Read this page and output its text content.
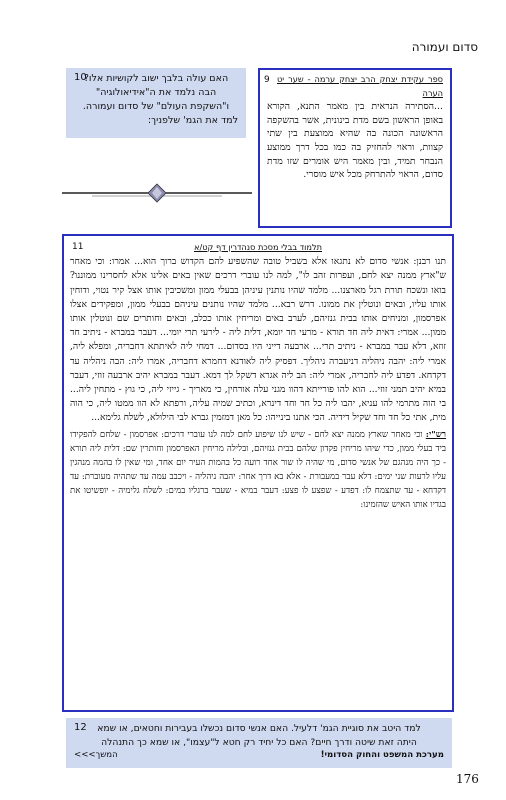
סדום ועמורה
10
האם עולה בלבך ישוב לקושיות אלו?
הבה נלמד את ה"אידיאולוגיה"
ו"השקפת העולם" של סדום ועמורה.
למד את הגמ' שלפניך:
9 ספר עקידת יצחק הרב יצחק ערמה - שער יט הערה
...הסתירה הנראית בין מאמר התנא, הקורא באופן הראשון בשם מדת בינונית, אשר בהשקפה הראשונה הכונה בה שהיא ממוצעת בין שתי קצוות, וראוי להחזיק בה כמו בכל דרך ממוצע הנבחר תמיד, ובין מאמר היש אומרים שזו מדת סדום, הראוי להתרחק מכל איש מוסרי.
11	תלמוד בבלי מסכת סנהדרין דף קט/א
תנו רבנן: אנשי סדום לא נתגאו אלא בשביל טובה שהשפיע להם הקדוש ברוך הוא... אמרו: וכי מאחר ש"ארץ ממנה יצא לחם, ועפרות זהב לו", למה לנו עוברי דרכים שאין באים אלינו אלא לחסרינו ממוננו? בואו ונשכח תורת רגל מארצנו... מלמד שהיו נותנין עיניהן בבעלי ממון ומשכיבין אותו אצל קיר נטוי, ודוחין אותו עליו, ובאים ונוטלין את ממונו. דרש רבא... מלמד שהיו נותנים עיניהם בבעלי ממון, ומפקידים אצלו אפרסמון, ומניחים אותו בבית גנזיהם, לערב באים ומריחין אותו ככלב, ובאים וחותרים שם ונוטלין אותו ממון... אמרי: דאית ליה חד תורא - מרעי חד יומא, דלית ליה - לירעי תרי יומי... דעבר במברא - ניתיב חד זוזא, דלא עבר במברא - ניתיב תרי... ארבעה דייני היו בסדום... דמחי ליה לאיתתא דחבריה, ומפלא ליה, אמרי ליה: יהבה ניהליה דניעברה ניהליך. דפסיק ליה לאודנא דחמרא דחבריה, אמרו ליה: הבה ניהליה עד דקדחא. דפדע ליה לחבריה, אמרי ליה: הב ליה אגרא דשקל לך דמא. דעבר במברא יהיב ארבעה זוזי, דעבר במיא יהיב תמני זוזי... הוא להו פורייתא דהוו מגני עלה אורחין, כי מאריך - גייזי ליה, כי גוץ - מתחין ליה... בי הוה מתרמי להו עניא, יהבו ליה כל חד וחד דינרא, וכתיב שמיה עליה, ורפתא לא הוו ממטו ליה, כי הוה מית, אתי כל חד וחד שקיל דידיה. הכי אתנו בינייהו: כל מאן דמזמין גברא לבי הילולא, לשלח גלימא...
רש"י: וכי מאחר שארץ ממנה יצא לחם - שיש לנו שיפוע לחם למה לנו עוברי דרכים: אפרסמון - שלחם להפקידו ביד בעלי ממון, כדי שיהו מריחין פקדון שלהם בבית גנזיהם, ובלילה מריחין האפרסמון וחותרין שם: דלית ליה תורא - כך היה מנהגם של אנשי סדום, מי שהיה לו שור אחד רועה כל בהמות העיר יום אחד, ומי שאין לו בהמה מנהגין עליו לרעות שני ימים: דלא עבר במעבורת - אלא בא דרך אחר: יהבה ניהליה - ויכבב עמה עד שתהיה מעוברת: עד דקדחא - עד שתצמח לו: דפדע - שפצע לו פצע: דעבר במיא - שעבר ברגליו במים: לשלח גלימיה - יופשיטו את בגדיו אותו האיש שהזמינו:
12	למד היטב את סוגיית הגמ' דלעיל. האם אנשי סדום נכשלו בעבירות וחטאים, או שמא
היתה זאת שיטה ודרך חיים? האם כל יחיד רק חטא ל"עצמו", או שמא כך התנהלה
מערכת המשפט והחוק הסדומי!
המשך>>>
176
